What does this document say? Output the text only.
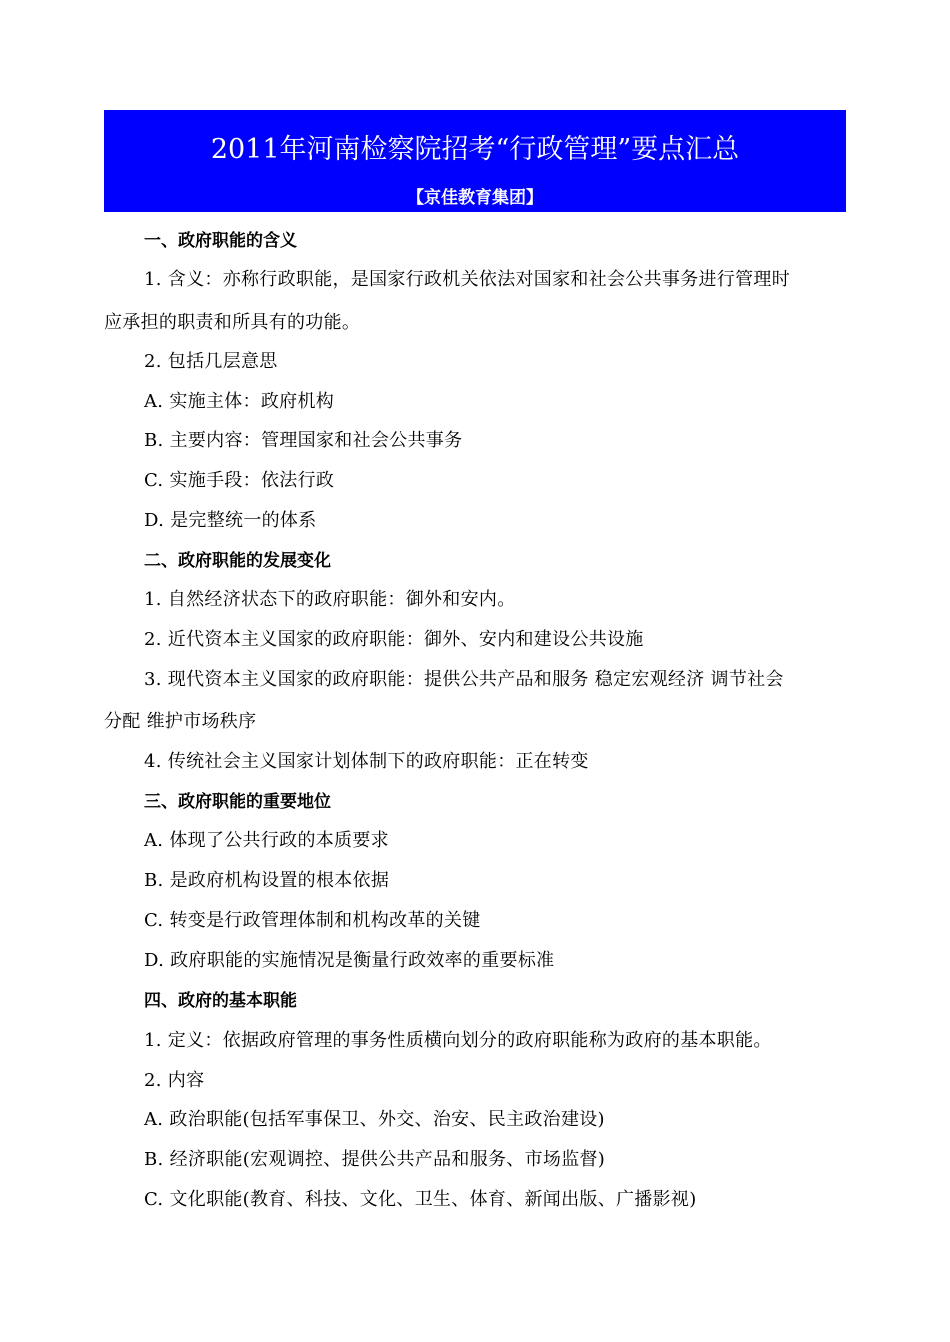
2011年河南检察院招考“行政管理”要点汇总
【京佳教育集团】
一、政府职能的含义
1. 含义：亦称行政职能，是国家行政机关依法对国家和社会公共事务进行管理时
应承担的职责和所具有的功能。
2. 包括几层意思
A. 实施主体：政府机构
B. 主要内容：管理国家和社会公共事务
C. 实施手段：依法行政
D. 是完整统一的体系
二、政府职能的发展变化
1. 自然经济状态下的政府职能：御外和安内。
2. 近代资本主义国家的政府职能：御外、安内和建设公共设施
3. 现代资本主义国家的政府职能：提供公共产品和服务 稳定宏观经济 调节社会
分配 维护市场秩序
4. 传统社会主义国家计划体制下的政府职能：正在转变
三、政府职能的重要地位
A. 体现了公共行政的本质要求
B. 是政府机构设置的根本依据
C. 转变是行政管理体制和机构改革的关键
D. 政府职能的实施情况是衡量行政效率的重要标准
四、政府的基本职能
1. 定义：依据政府管理的事务性质横向划分的政府职能称为政府的基本职能。
2. 内容
A. 政治职能(包括军事保卫、外交、治安、民主政治建设)
B. 经济职能(宏观调控、提供公共产品和服务、市场监督)
C. 文化职能(教育、科技、文化、卫生、体育、新闻出版、广播影视)
